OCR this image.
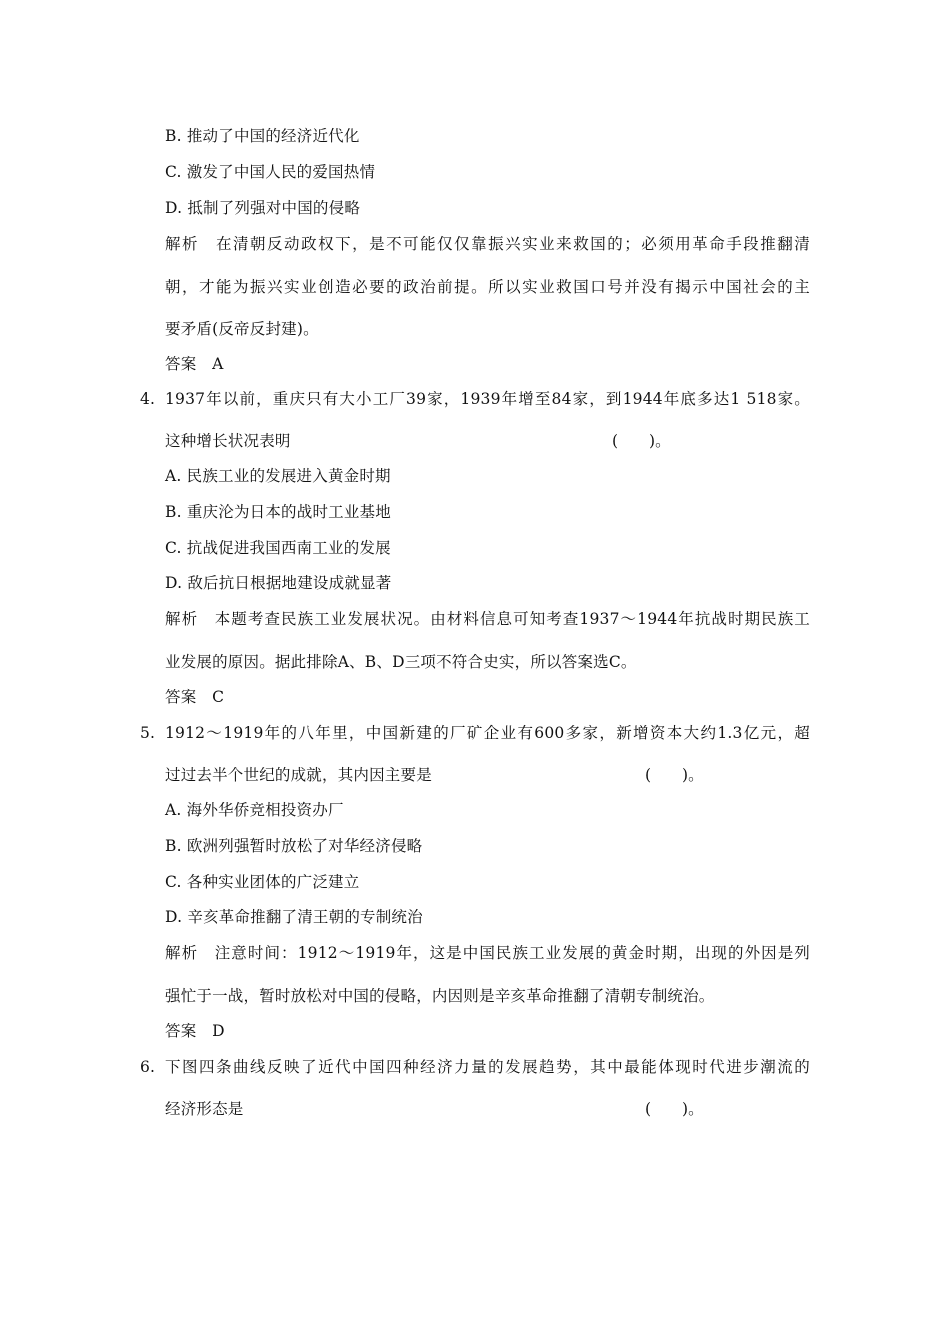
B. 推动了中国的经济近代化
C. 激发了中国人民的爱国热情
D. 抵制了列强对中国的侵略
解析　在清朝反动政权下，是不可能仅仅靠振兴实业来救国的；必须用革命手段推翻清
朝，才能为振兴实业创造必要的政治前提。所以实业救国口号并没有揭示中国社会的主
要矛盾(反帝反封建)。
答案　A
4. 1937年以前，重庆只有大小工厂39家，1939年增至84家，到1944年底多达1 518家。
这种增长状况表明	(　　)。
A. 民族工业的发展进入黄金时期
B. 重庆沦为日本的战时工业基地
C. 抗战促进我国西南工业的发展
D. 敌后抗日根据地建设成就显著
解析　本题考查民族工业发展状况。由材料信息可知考查1937～1944年抗战时期民族工
业发展的原因。据此排除A、B、D三项不符合史实，所以答案选C。
答案　C
5. 1912～1919年的八年里，中国新建的厂矿企业有600多家，新增资本大约1.3亿元，超
过过去半个世纪的成就，其内因主要是	(　　)。
A. 海外华侨竞相投资办厂
B. 欧洲列强暂时放松了对华经济侵略
C. 各种实业团体的广泛建立
D. 辛亥革命推翻了清王朝的专制统治
解析　注意时间：1912～1919年，这是中国民族工业发展的黄金时期，出现的外因是列
强忙于一战，暂时放松对中国的侵略，内因则是辛亥革命推翻了清朝专制统治。
答案　D
6. 下图四条曲线反映了近代中国四种经济力量的发展趋势，其中最能体现时代进步潮流的
经济形态是	(　　)。
